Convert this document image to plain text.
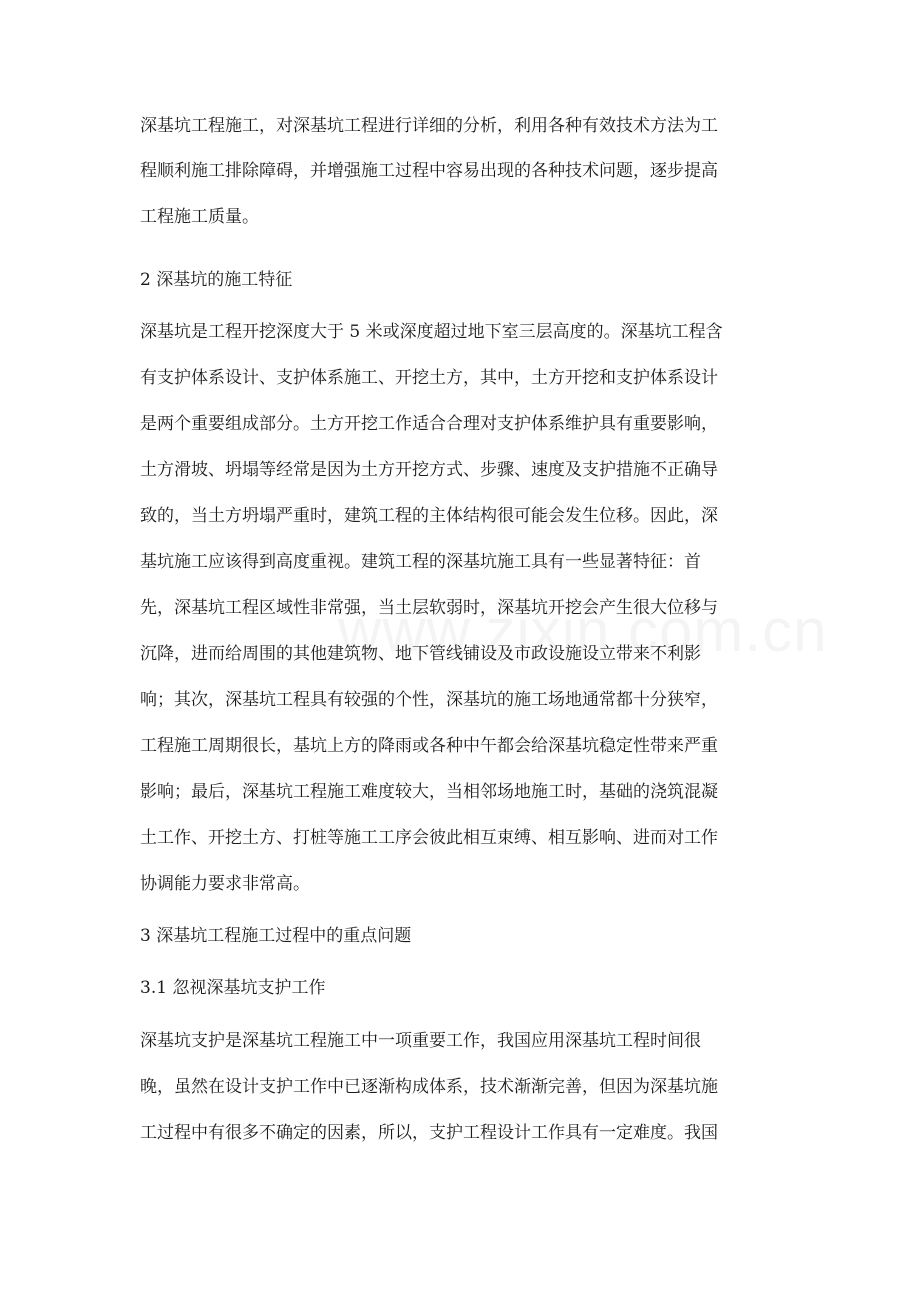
深基坑工程施工，对深基坑工程进行详细的分析，利用各种有效技术方法为工
程顺利施工排除障碍，并增强施工过程中容易出现的各种技术问题，逐步提高
工程施工质量。
2 深基坑的施工特征
深基坑是工程开挖深度大于 5 米或深度超过地下室三层高度的。深基坑工程含
有支护体系设计、支护体系施工、开挖土方，其中，土方开挖和支护体系设计
是两个重要组成部分。土方开挖工作适合合理对支护体系维护具有重要影响，
土方滑坡、坍塌等经常是因为土方开挖方式、步骤、速度及支护措施不正确导
致的，当土方坍塌严重时，建筑工程的主体结构很可能会发生位移。因此，深
基坑施工应该得到高度重视。建筑工程的深基坑施工具有一些显著特征：首
先，深基坑工程区域性非常强，当土层软弱时，深基坑开挖会产生很大位移与
沉降，进而给周围的其他建筑物、地下管线铺设及市政设施设立带来不利影
响；其次，深基坑工程具有较强的个性，深基坑的施工场地通常都十分狭窄，
工程施工周期很长，基坑上方的降雨或各种中午都会给深基坑稳定性带来严重
影响；最后，深基坑工程施工难度较大，当相邻场地施工时，基础的浇筑混凝
土工作、开挖土方、打桩等施工工序会彼此相互束缚、相互影响、进而对工作
协调能力要求非常高。
3 深基坑工程施工过程中的重点问题
3.1 忽视深基坑支护工作
深基坑支护是深基坑工程施工中一项重要工作，我国应用深基坑工程时间很
晚，虽然在设计支护工作中已逐渐构成体系，技术渐渐完善，但因为深基坑施
工过程中有很多不确定的因素，所以，支护工程设计工作具有一定难度。我国
